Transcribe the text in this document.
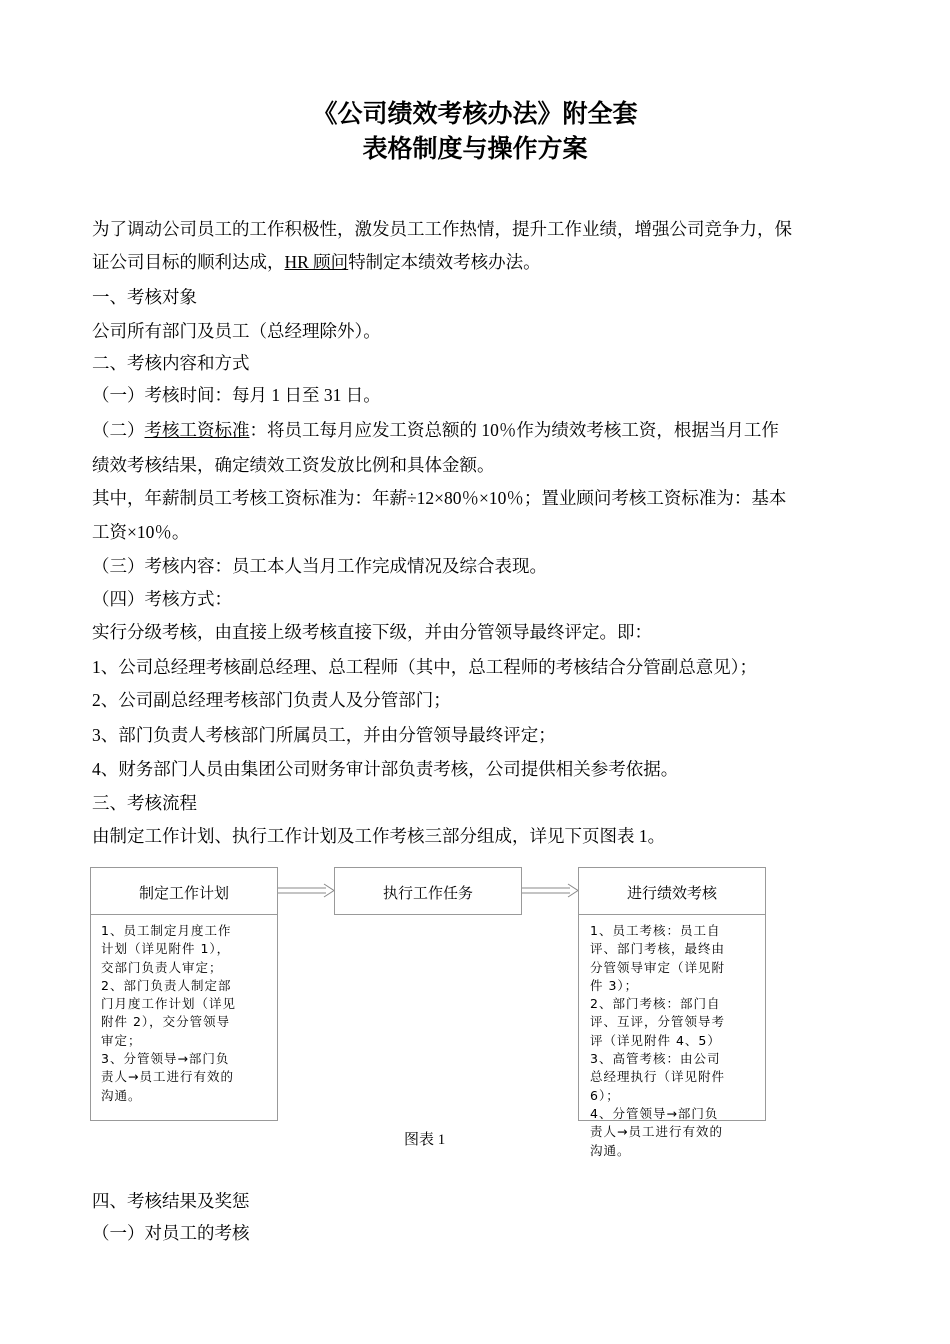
《公司绩效考核办法》附全套
表格制度与操作方案
为了调动公司员工的工作积极性，激发员工工作热情，提升工作业绩，增强公司竞争力，保
证公司目标的顺利达成，HR 顾问特制定本绩效考核办法。
一、考核对象
公司所有部门及员工（总经理除外）。
二、考核内容和方式
（一）考核时间：每月 1 日至 31 日。
（二）考核工资标准：将员工每月应发工资总额的 10％作为绩效考核工资，根据当月工作
绩效考核结果，确定绩效工资发放比例和具体金额。
其中，年薪制员工考核工资标准为：年薪÷12×80％×10％；置业顾问考核工资标准为：基本
工资×10％。
（三）考核内容：员工本人当月工作完成情况及综合表现。
（四）考核方式：
实行分级考核，由直接上级考核直接下级，并由分管领导最终评定。即：
1、公司总经理考核副总经理、总工程师（其中，总工程师的考核结合分管副总意见）；
2、公司副总经理考核部门负责人及分管部门；
3、部门负责人考核部门所属员工，并由分管领导最终评定；
4、财务部门人员由集团公司财务审计部负责考核，公司提供相关参考依据。
三、考核流程
由制定工作计划、执行工作计划及工作考核三部分组成，详见下页图表 1。
制定工作计划
1、员工制定月度工作
计划（详见附件 1），
交部门负责人审定；
2、部门负责人制定部
门月度工作计划（详见
附件 2），交分管领导
审定；
3、分管领导→部门负
责人→员工进行有效的
沟通。
执行工作任务	进行绩效考核
1、员工考核：员工自
评、部门考核，最终由
分管领导审定（详见附
件 3）；
2、部门考核：部门自
评、互评，分管领导考
评（详见附件 4、5）
3、高管考核：由公司
总经理执行（详见附件
6）；
4、分管领导→部门负
责人→员工进行有效的
沟通。
图表 1
四、考核结果及奖惩
（一）对员工的考核
